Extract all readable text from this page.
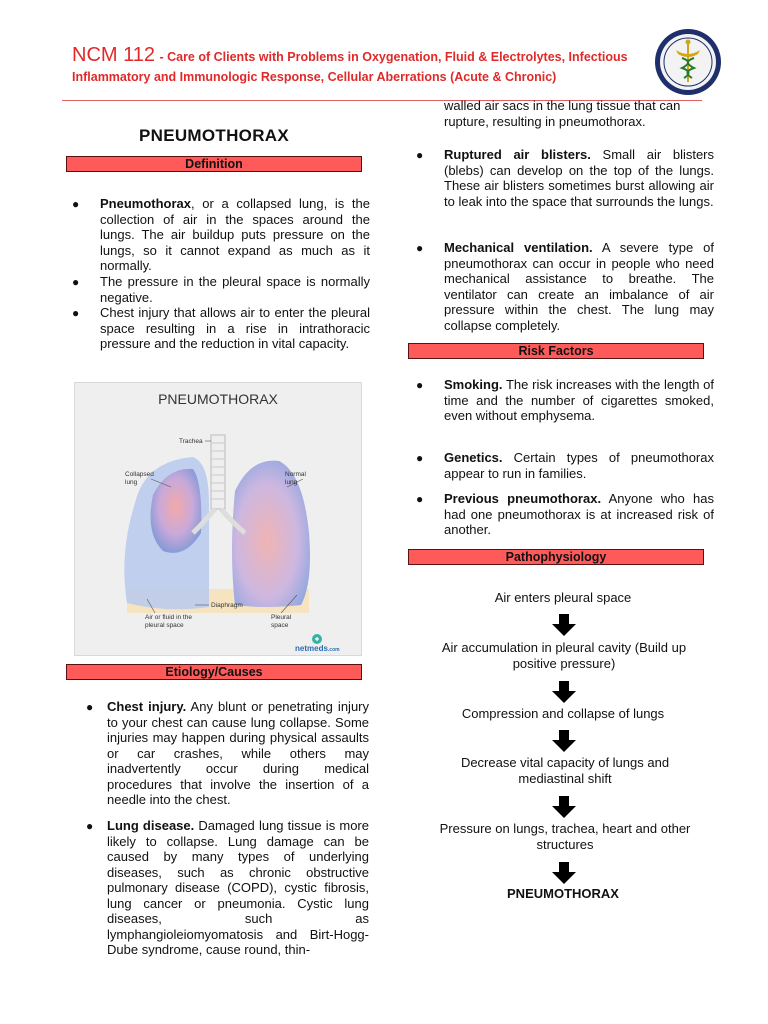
NCM 112 - Care of Clients with Problems in Oxygenation, Fluid & Electrolytes, Infectious
Inflammatory and Immunologic Response, Cellular Aberrations (Acute & Chronic)
PNEUMOTHORAX
Definition
● Pneumothorax, or a collapsed lung, is the collection of air in the spaces around the lungs. The air buildup puts pressure on the lungs, so it cannot expand as much as it normally.
● The pressure in the pleural space is normally negative.
● Chest injury that allows air to enter the pleural space resulting in a rise in intrathoracic pressure and the reduction in vital capacity.
PNEUMOTHORAX
Trachea
Collapsed lung
Normal lung
Diaphragm
Air or fluid in the pleural space
Pleural space
netmeds.com
Etiology/Causes
● Chest injury. Any blunt or penetrating injury to your chest can cause lung collapse. Some injuries may happen during physical assaults or car crashes, while others may inadvertently occur during medical procedures that involve the insertion of a needle into the chest.
● Lung disease. Damaged lung tissue is more likely to collapse. Lung damage can be caused by many types of underlying diseases, such as chronic obstructive pulmonary disease (COPD), cystic fibrosis, lung cancer or pneumonia. Cystic lung diseases, such as lymphangioleiomyomatosis and Birt-Hogg-Dube syndrome, cause round, thin-
walled air sacs in the lung tissue that can rupture, resulting in pneumothorax.
● Ruptured air blisters. Small air blisters (blebs) can develop on the top of the lungs. These air blisters sometimes burst allowing air to leak into the space that surrounds the lungs.
● Mechanical ventilation. A severe type of pneumothorax can occur in people who need mechanical assistance to breathe. The ventilator can create an imbalance of air pressure within the chest. The lung may collapse completely.
Risk Factors
● Smoking. The risk increases with the length of time and the number of cigarettes smoked, even without emphysema.
● Genetics. Certain types of pneumothorax appear to run in families.
● Previous pneumothorax. Anyone who has had one pneumothorax is at increased risk of another.
Pathophysiology
Air enters pleural space
Air accumulation in pleural cavity (Build up positive pressure)
Compression and collapse of lungs
Decrease vital capacity of lungs and mediastinal shift
Pressure on lungs, trachea, heart and other structures
PNEUMOTHORAX
